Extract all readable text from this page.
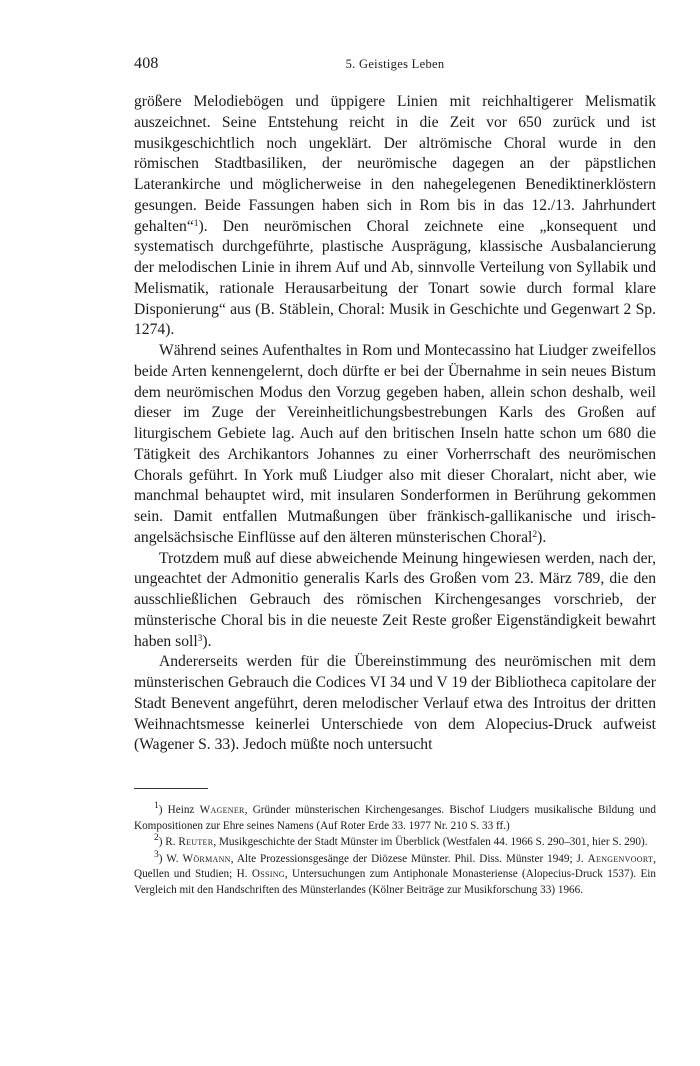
408	5. Geistiges Leben

größere Melodiebögen und üppigere Linien mit reichhaltigerer Melismatik auszeichnet. Seine Entstehung reicht in die Zeit vor 650 zurück und ist musikgeschichtlich noch ungeklärt. Der altrömische Choral wurde in den römischen Stadtbasiliken, der neurömische dagegen an der päpstlichen Laterankirche und möglicherweise in den nahegelegenen Benediktinerklöstern gesungen. Beide Fassungen haben sich in Rom bis in das 12./13. Jahrhundert gehalten“$^1$). Den neurömischen Choral zeichnete eine „konsequent und systematisch durchgeführte, plastische Ausprägung, klassische Ausbalancierung der melodischen Linie in ihrem Auf und Ab, sinnvolle Verteilung von Syllabik und Melismatik, rationale Herausarbeitung der Tonart sowie durch formal klare Disponierung“ aus (B. Stäblein, Choral: Musik in Geschichte und Gegenwart 2 Sp. 1274).

Während seines Aufenthaltes in Rom und Montecassino hat Liudger zweifellos beide Arten kennengelernt, doch dürfte er bei der Übernahme in sein neues Bistum dem neurömischen Modus den Vorzug gegeben haben, allein schon deshalb, weil dieser im Zuge der Vereinheitlichungsbestrebungen Karls des Großen auf liturgischem Gebiete lag. Auch auf den britischen Inseln hatte schon um 680 die Tätigkeit des Archikantors Johannes zu einer Vorherrschaft des neurömischen Chorals geführt. In York muß Liudger also mit dieser Choralart, nicht aber, wie manchmal behauptet wird, mit insularen Sonderformen in Berührung gekommen sein. Damit entfallen Mutmaßungen über fränkisch-gallikanische und irisch-angelsächsische Einflüsse auf den älteren münsterischen Choral$^2$).

Trotzdem muß auf diese abweichende Meinung hingewiesen werden, nach der, ungeachtet der Admonitio generalis Karls des Großen vom 23. März 789, die den ausschließlichen Gebrauch des römischen Kirchengesanges vorschrieb, der münsterische Choral bis in die neueste Zeit Reste großer Eigenständigkeit bewahrt haben soll$^3$).

Andererseits werden für die Übereinstimmung des neurömischen mit dem münsterischen Gebrauch die Codices VI 34 und V 19 der Bibliotheca capitolare der Stadt Benevent angeführt, deren melodischer Verlauf etwa des Introitus der dritten Weihnachtsmesse keinerlei Unterschiede von dem Alopecius-Druck aufweist (Wagener S. 33). Jedoch müßte noch untersucht

$^1$) Heinz Wagener, Gründer münsterischen Kirchengesanges. Bischof Liudgers musikalische Bildung und Kompositionen zur Ehre seines Namens (Auf Roter Erde 33. 1977 Nr. 210 S. 33 ff.)

$^2$) R. Reuter, Musikgeschichte der Stadt Münster im Überblick (Westfalen 44. 1966 S. 290–301, hier S. 290).

$^3$) W. Wörmann, Alte Prozessionsgesänge der Diözese Münster. Phil. Diss. Münster 1949; J. Aengenvoort, Quellen und Studien; H. Ossing, Untersuchungen zum Antiphonale Monasteriense (Alopecius-Druck 1537). Ein Vergleich mit den Handschriften des Münsterlandes (Kölner Beiträge zur Musikforschung 33) 1966.
